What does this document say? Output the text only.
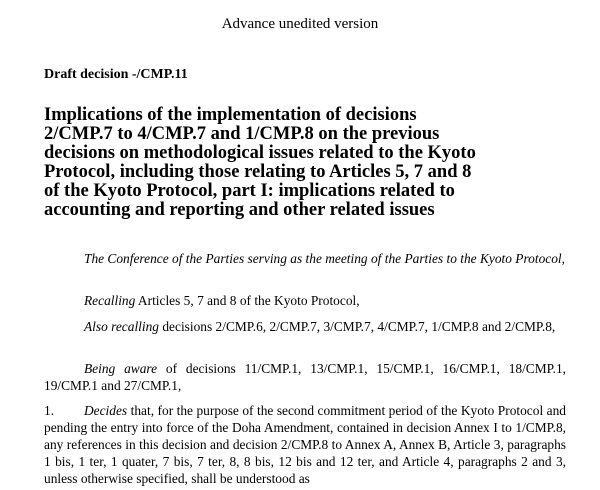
Advance unedited version
Draft decision -/CMP.11
Implications of the implementation of decisions
2/CMP.7 to 4/CMP.7 and 1/CMP.8 on the previous
decisions on methodological issues related to the Kyoto
Protocol, including those relating to Articles 5, 7 and 8
of the Kyoto Protocol, part I: implications related to
accounting and reporting and other related issues

The Conference of the Parties serving as the meeting of the Parties to the Kyoto Protocol,

Recalling Articles 5, 7 and 8 of the Kyoto Protocol,

Also recalling decisions 2/CMP.6, 2/CMP.7, 3/CMP.7, 4/CMP.7, 1/CMP.8 and 2/CMP.8,

Being aware of decisions 11/CMP.1, 13/CMP.1, 15/CMP.1, 16/CMP.1, 18/CMP.1, 19/CMP.1 and 27/CMP.1,

1. Decides that, for the purpose of the second commitment period of the Kyoto Protocol and pending the entry into force of the Doha Amendment, contained in decision Annex I to 1/CMP.8, any references in this decision and decision 2/CMP.8 to Annex A, Annex B, Article 3, paragraphs 1 bis, 1 ter, 1 quater, 7 bis, 7 ter, 8, 8 bis, 12 bis and 12 ter, and Article 4, paragraphs 2 and 3, unless otherwise specified, shall be understood as
